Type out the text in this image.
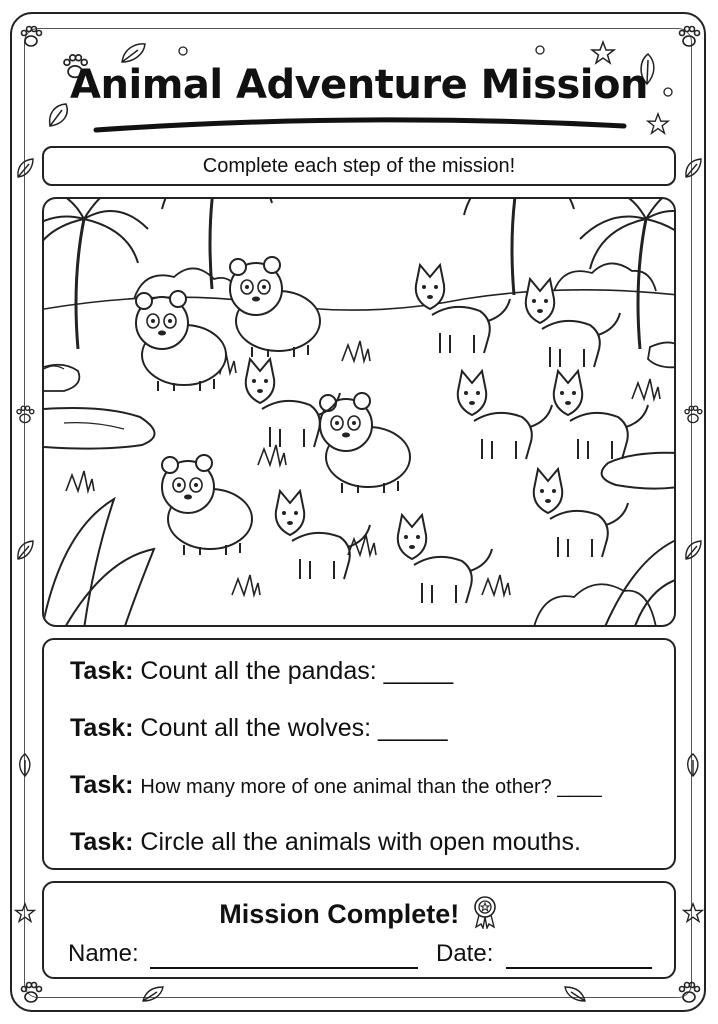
Animal Adventure Mission
Complete each step of the mission!
Task: Count all the pandas: _____
Task: Count all the wolves: _____
Task: How many more of one animal than the other? ____
Task: Circle all the animals with open mouths.
Mission Complete!
Name:	Date:
